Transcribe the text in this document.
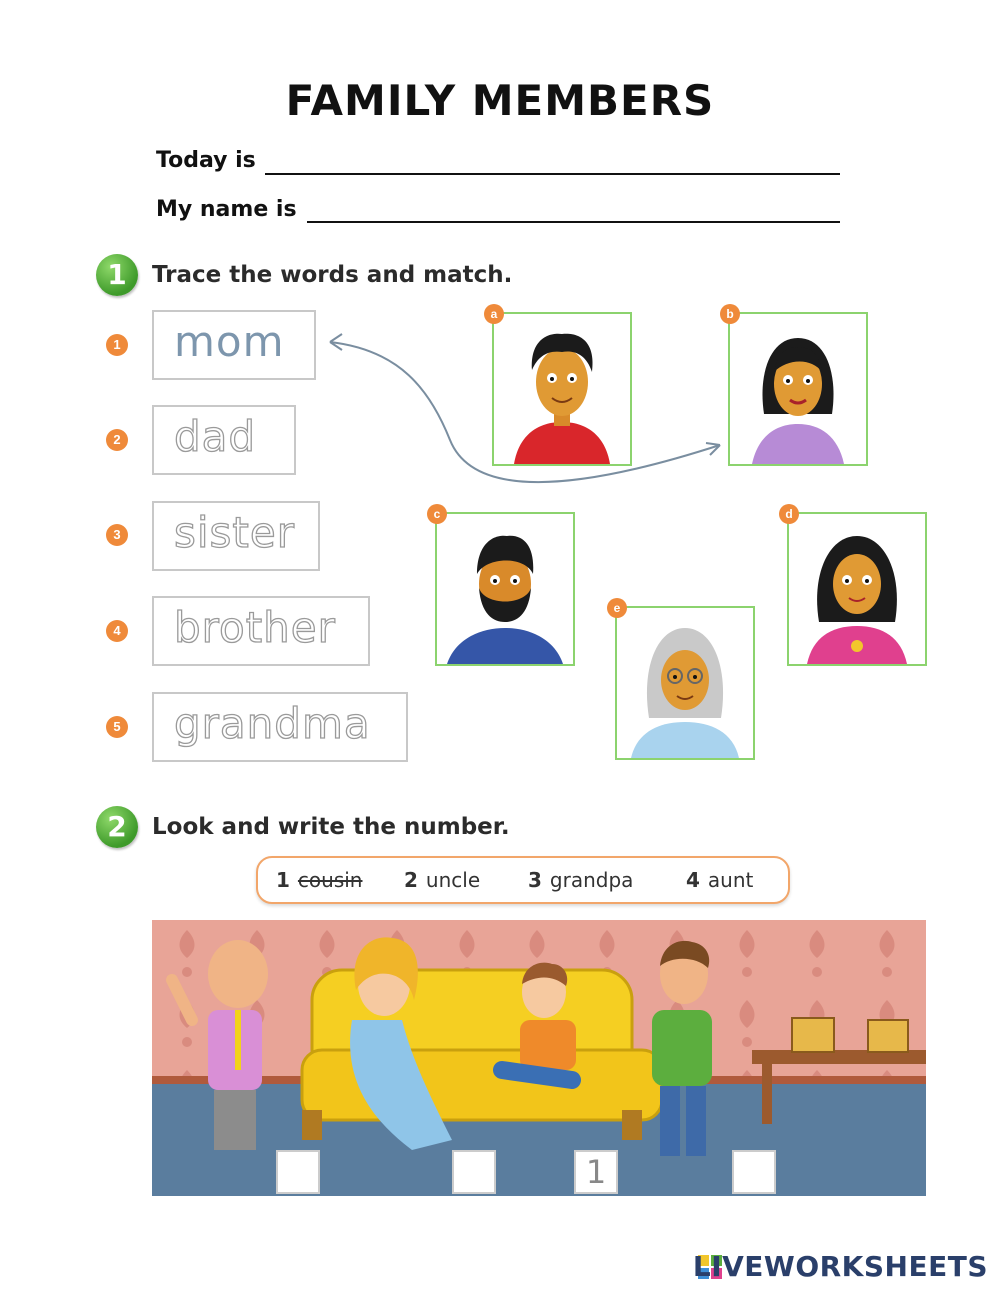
FAMILY MEMBERS
Today is
My name is
1	Trace the words and match.
1	mom
2	dad
3	sister
4	brother
5	grandma
a	b
c	d
e
2	Look and write the number.
1 cousin 2 uncle 3 grandpa	4 aunt
1
LIVEWORKSHEETS
